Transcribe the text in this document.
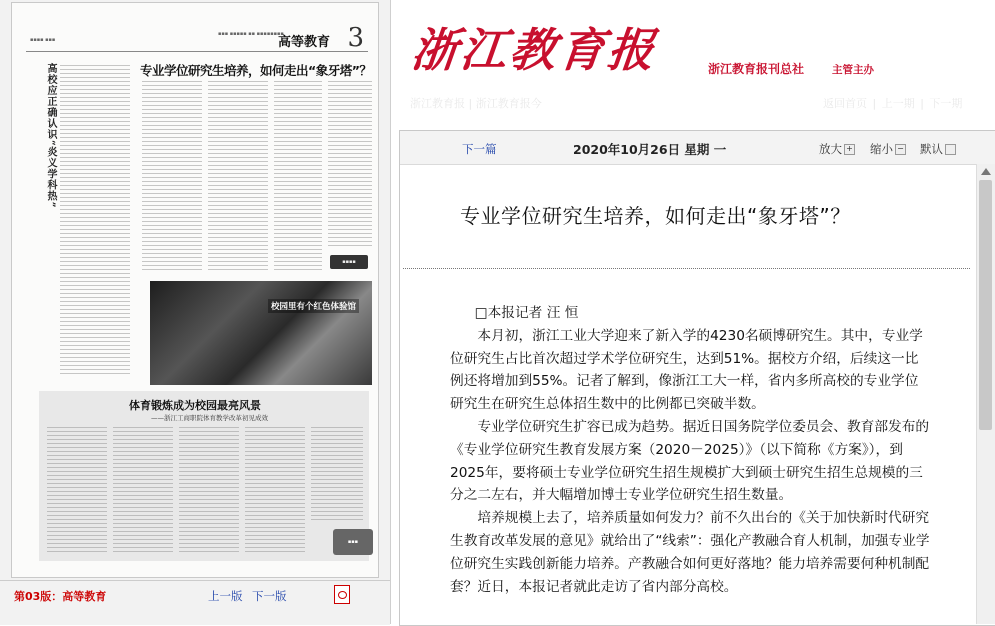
▪▪▪▪ ▪▪▪
▪▪▪ ▪▪▪▪▪ ▪▪ ▪▪▪▪▪▪▪▪
高等教育 3
专业学位研究生培养，如何走出“象牙塔”？
高校应正确认识“炎义学科热”
▪▪▪▪
校园里有个红色体验馆
体育锻炼成为校园最亮风景
——浙江工商职院体育教学改革初见成效
▪▪▪
第03版：高等教育	上一版 下一版
浙江教育报	浙江教育报刊总社	主管主办
浙江教育报 | 浙江教育报今	返回首页 | 上一期 | 下一期
下一篇	2020年10月26日 星期 一	放大 + 缩小 − 默认
专业学位研究生培养，如何走出“象牙塔”？

□本报记者 汪 恒

本月初，浙江工业大学迎来了新入学的4230名硕博研究生。其中，专业学位研究生占比首次超过学术学位研究生，达到51%。据校方介绍，后续这一比例还将增加到55%。记者了解到，像浙江工大一样，省内多所高校的专业学位研究生在研究生总体招生数中的比例都已突破半数。

专业学位研究生扩容已成为趋势。据近日国务院学位委员会、教育部发布的《专业学位研究生教育发展方案（2020－2025）》（以下简称《方案》），到2025年，要将硕士专业学位研究生招生规模扩大到硕士研究生招生总规模的三分之二左右，并大幅增加博士专业学位研究生招生数量。

培养规模上去了，培养质量如何发力？前不久出台的《关于加快新时代研究生教育改革发展的意见》就给出了“线索”：强化产教融合育人机制，加强专业学位研究生实践创新能力培养。产教融合如何更好落地？能力培养需要何种机制配套？近日，本报记者就此走访了省内部分高校。
